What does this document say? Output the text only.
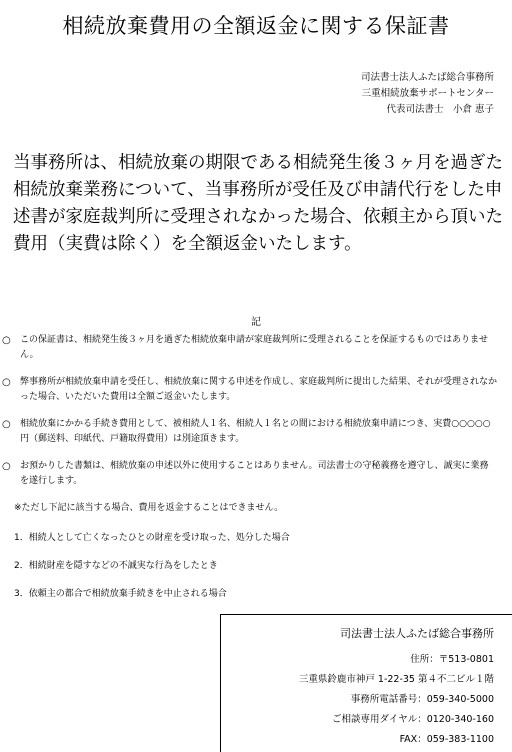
相続放棄費用の全額返金に関する保証書
司法書士法人ふたば総合事務所
三重相続放棄サポートセンター
代表司法書士　小倉 恵子
当事務所は、相続放棄の期限である相続発生後３ヶ月を過ぎた相続放棄業務について、当事務所が受任及び申請代行をした申述書が家庭裁判所に受理されなかった場合、依頼主から頂いた費用（実費は除く）を全額返金いたします。
記
○	この保証書は、相続発生後３ヶ月を過ぎた相続放棄申請が家庭裁判所に受理されることを保証するものではありません。
○	弊事務所が相続放棄申請を受任し、相続放棄に関する申述を作成し、家庭裁判所に提出した結果、それが受理されなかった場合、いただいた費用は全額ご返金いたします。
○	相続放棄にかかる手続き費用として、被相続人１名、相続人１名との間における相続放棄申請につき、実費○○○○○円（郵送料、印紙代、戸籍取得費用）は別途頂きます。
○	お預かりした書類は、相続放棄の申述以外に使用することはありません。司法書士の守秘義務を遵守し、誠実に業務を遂行します。
※ただし下記に該当する場合、費用を返金することはできません。
1．相続人として亡くなったひとの財産を受け取った、処分した場合
2．相続財産を隠すなどの不誠実な行為をしたとき
3．依頼主の都合で相続放棄手続きを中止される場合
司法書士法人ふたば総合事務所
住所：〒513-0801
三重県鈴鹿市神戸 1-22-35 第４不二ビル１階
事務所電話番号：059-340-5000
ご相談専用ダイヤル：0120-340-160
FAX：059-383-1100
